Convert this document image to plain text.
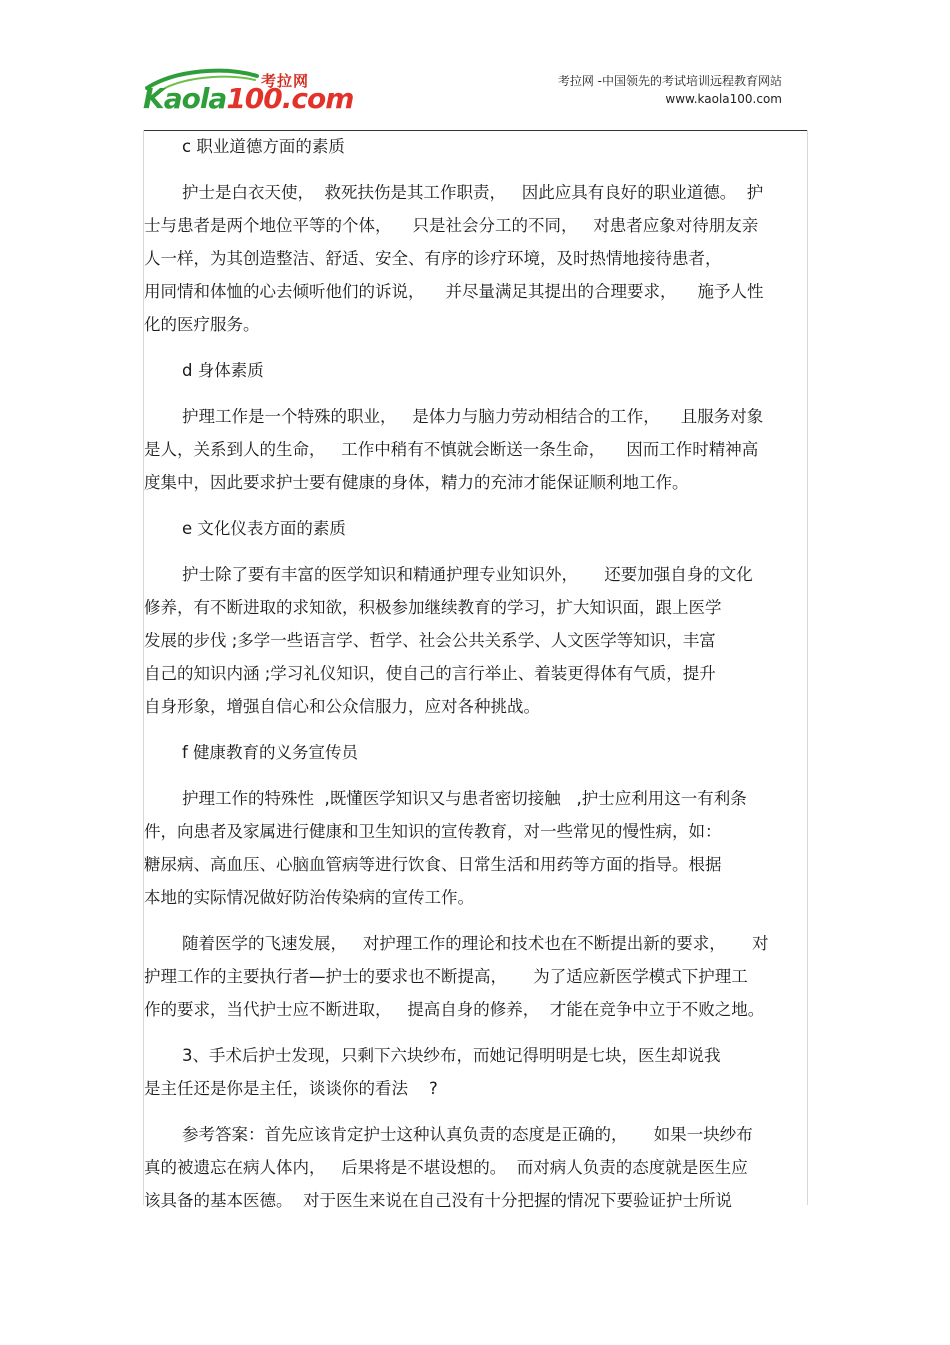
考拉网
Kaola100.com
考拉网 -中国领先的考试培训远程教育网站
www.kaola100.com

c 职业道德方面的素质

护士是白衣天使，  救死扶伤是其工作职责，   因此应具有良好的职业道德。  护

士与患者是两个地位平等的个体，    只是社会分工的不同，   对患者应象对待朋友亲

人一样，为其创造整洁、舒适、安全、有序的诊疗环境，及时热情地接待患者，

用同情和体恤的心去倾听他们的诉说，    并尽量满足其提出的合理要求，    施予人性

化的医疗服务。

d 身体素质

护理工作是一个特殊的职业，   是体力与脑力劳动相结合的工作，    且服务对象

是人，关系到人的生命，   工作中稍有不慎就会断送一条生命，    因而工作时精神高

度集中，因此要求护士要有健康的身体，精力的充沛才能保证顺利地工作。

e 文化仪表方面的素质

护士除了要有丰富的医学知识和精通护理专业知识外，     还要加强自身的文化

修养，有不断进取的求知欲，积极参加继续教育的学习，扩大知识面，跟上医学

发展的步伐 ;多学一些语言学、哲学、社会公共关系学、人文医学等知识，丰富

自己的知识内涵 ;学习礼仪知识，使自己的言行举止、着装更得体有气质，提升

自身形象，增强自信心和公众信服力，应对各种挑战。

f 健康教育的义务宣传员

护理工作的特殊性  ,既懂医学知识又与患者密切接触   ,护士应利用这一有利条

件，向患者及家属进行健康和卫生知识的宣传教育，对一些常见的慢性病，如：

糖尿病、高血压、心脑血管病等进行饮食、日常生活和用药等方面的指导。根据

本地的实际情况做好防治传染病的宣传工作。

随着医学的飞速发展，   对护理工作的理论和技术也在不断提出新的要求，     对

护理工作的主要执行者—护士的要求也不断提高，     为了适应新医学模式下护理工

作的要求，当代护士应不断进取，   提高自身的修养，  才能在竞争中立于不败之地。

3、手术后护士发现，只剩下六块纱布，而她记得明明是七块，医生却说我

是主任还是你是主任，谈谈你的看法    ?

参考答案：首先应该肯定护士这种认真负责的态度是正确的，     如果一块纱布

真的被遗忘在病人体内，   后果将是不堪设想的。  而对病人负责的态度就是医生应

该具备的基本医德。  对于医生来说在自己没有十分把握的情况下要验证护士所说
